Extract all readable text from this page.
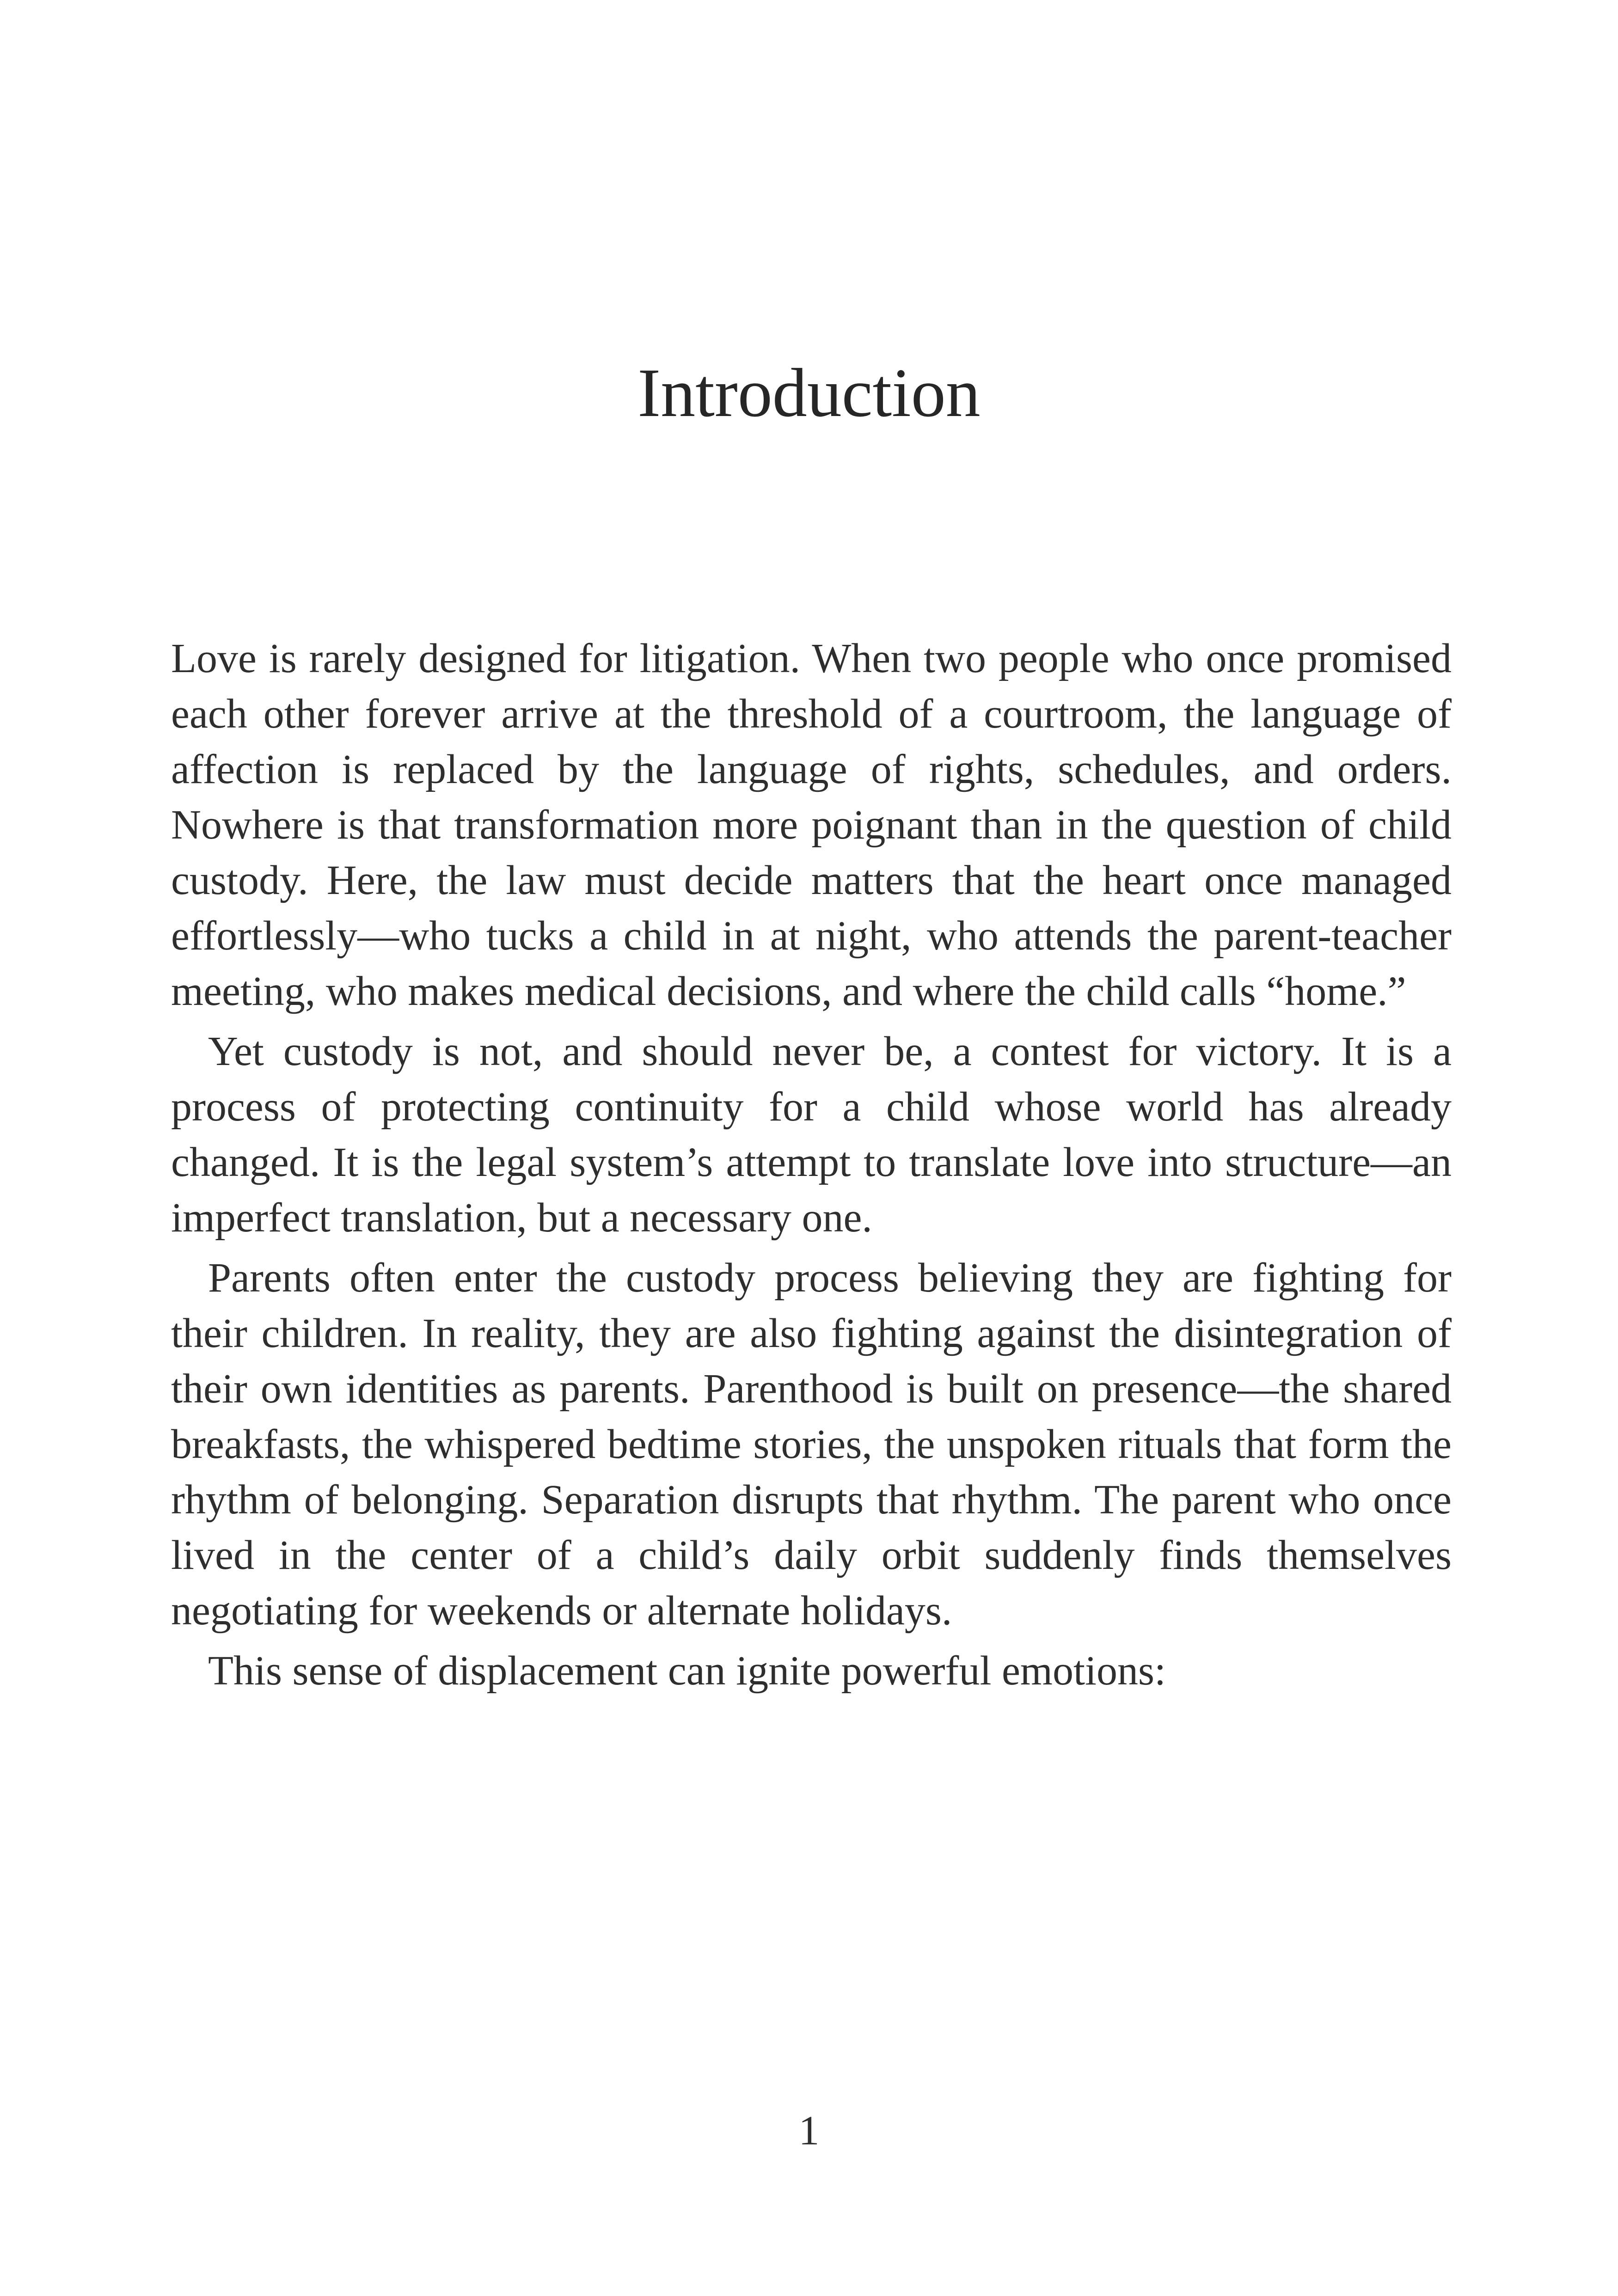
Introduction

Love is rarely designed for litigation. When two people who once promised each other forever arrive at the threshold of a courtroom, the language of affection is replaced by the language of rights, schedules, and orders. Nowhere is that transformation more poignant than in the question of child custody. Here, the law must decide matters that the heart once managed effortlessly—who tucks a child in at night, who attends the parent-teacher meeting, who makes medical decisions, and where the child calls “home.”

Yet custody is not, and should never be, a contest for victory. It is a process of protecting continuity for a child whose world has already changed. It is the legal system’s attempt to translate love into structure—an imperfect translation, but a necessary one.

Parents often enter the custody process believing they are fighting for their children. In reality, they are also fighting against the disintegration of their own identities as parents. Parenthood is built on presence—the shared breakfasts, the whispered bedtime stories, the unspoken rituals that form the rhythm of belonging. Separation disrupts that rhythm. The parent who once lived in the center of a child’s daily orbit suddenly finds themselves negotiating for weekends or alternate holidays.

This sense of displacement can ignite powerful emotions:

1
